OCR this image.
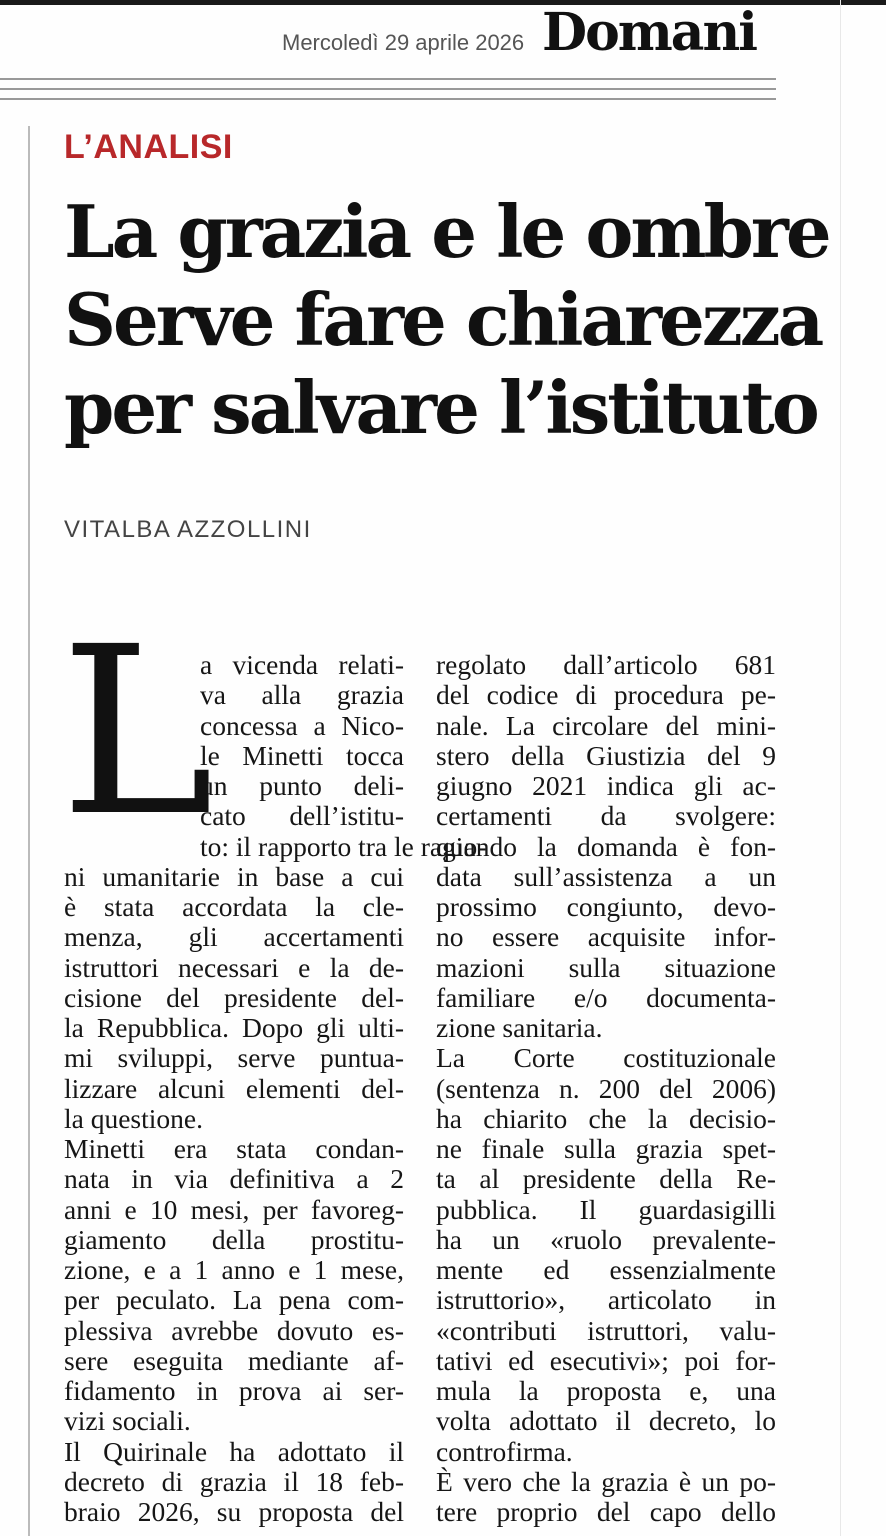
Mercoledì 29 aprile 2026 Domani
L’ANALISI
La grazia e le ombre
Serve fare chiarezza
per salvare l’istituto
VITALBA AZZOLLINI
L
a vicenda relati-
va alla grazia
concessa a Nico-
le Minetti tocca
un punto deli-
cato dell’istitu-
to: il rapporto tra le ragio-
ni umanitarie in base a cui
è stata accordata la cle-
menza, gli accertamenti
istruttori necessari e la de-
cisione del presidente del-
la Repubblica. Dopo gli ulti-
mi sviluppi, serve puntua-
lizzare alcuni elementi del-
la questione.
Minetti era stata condan-
nata in via definitiva a 2
anni e 10 mesi, per favoreg-
giamento della prostitu-
zione, e a 1 anno e 1 mese,
per peculato. La pena com-
plessiva avrebbe dovuto es-
sere eseguita mediante af-
fidamento in prova ai ser-
vizi sociali.
Il Quirinale ha adottato il
decreto di grazia il 18 feb-
braio 2026, su proposta del
regolato dall’articolo 681
del codice di procedura pe-
nale. La circolare del mini-
stero della Giustizia del 9
giugno 2021 indica gli ac-
certamenti da svolgere:
quando la domanda è fon-
data sull’assistenza a un
prossimo congiunto, devo-
no essere acquisite infor-
mazioni sulla situazione
familiare e/o documenta-
zione sanitaria.
La Corte costituzionale
(sentenza n. 200 del 2006)
ha chiarito che la decisio-
ne finale sulla grazia spet-
ta al presidente della Re-
pubblica. Il guardasigilli
ha un «ruolo prevalente-
mente ed essenzialmente
istruttorio», articolato in
«contributi istruttori, valu-
tativi ed esecutivi»; poi for-
mula la proposta e, una
volta adottato il decreto, lo
controfirma.
È vero che la grazia è un po-
tere proprio del capo dello
